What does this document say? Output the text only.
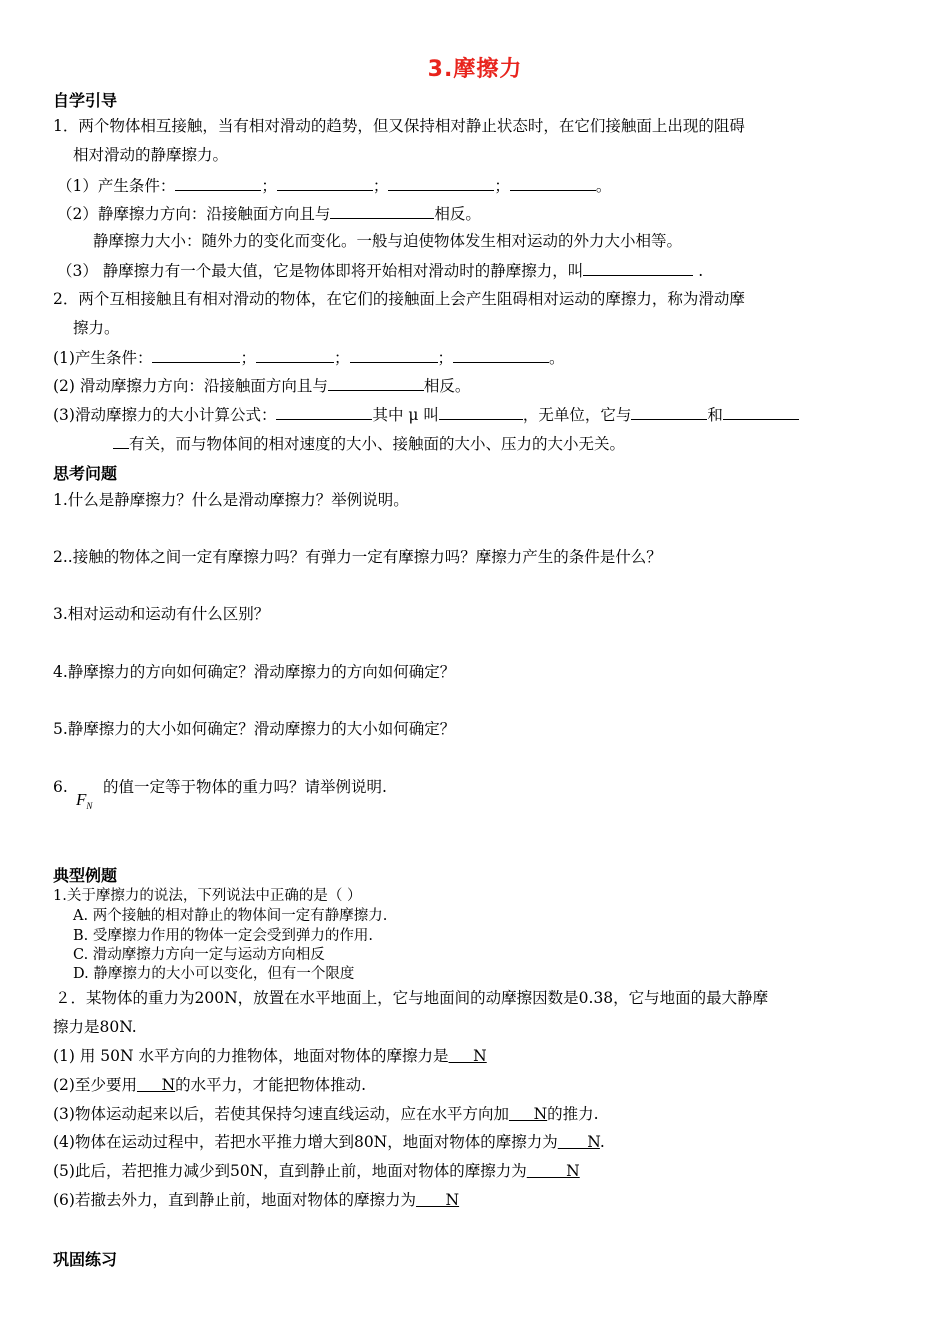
3.摩擦力
自学引导
1．两个物体相互接触，当有相对滑动的趋势，但又保持相对静止状态时，在它们接触面上出现的阻碍
相对滑动的静摩擦力。
（1）产生条件：	；	；	；	。
（2）静摩擦力方向：沿接触面方向且与	相反。
静摩擦力大小：随外力的变化而变化。一般与迫使物体发生相对运动的外力大小相等。
（3） 静摩擦力有一个最大值，它是物体即将开始相对滑动时的静摩擦力，叫	.
2．两个互相接触且有相对滑动的物体，在它们的接触面上会产生阻碍相对运动的摩擦力，称为滑动摩
擦力。
(1)产生条件：	；	；	；	。
(2) 滑动摩擦力方向：沿接触面方向且与	相反。
(3)滑动摩擦力的大小计算公式：	其中 μ 叫	，无单位，它与	和
有关，而与物体间的相对速度的大小、接触面的大小、压力的大小无关。
思考问题
1.什么是静摩擦力？什么是滑动摩擦力？举例说明。
2..接触的物体之间一定有摩擦力吗？有弹力一定有摩擦力吗？摩擦力产生的条件是什么？
3.相对运动和运动有什么区别？
4.静摩擦力的方向如何确定？滑动摩擦力的方向如何确定？
5.静摩擦力的大小如何确定？滑动摩擦力的大小如何确定？
6.
$F_N$
的值一定等于物体的重力吗？请举例说明.
典型例题
1.关于摩擦力的说法，下列说法中正确的是（ ）
A. 两个接触的相对静止的物体间一定有静摩擦力.
B. 受摩擦力作用的物体一定会受到弹力的作用.
C. 滑动摩擦力方向一定与运动方向相反
D. 静摩擦力的大小可以变化，但有一个限度
２．某物体的重力为200N，放置在水平地面上，它与地面间的动摩擦因数是0.38，它与地面的最大静摩
擦力是80N.
(1) 用 50N 水平方向的力推物体，地面对物体的摩擦力是     N
(2)至少要用     N的水平力，才能把物体推动.
(3)物体运动起来以后，若使其保持匀速直线运动，应在水平方向加     N的推力.
(4)物体在运动过程中，若把水平推力增大到80N，地面对物体的摩擦力为      N.
(5)此后，若把推力减少到50N，直到静止前，地面对物体的摩擦力为        N
(6)若撤去外力，直到静止前，地面对物体的摩擦力为      N
巩固练习
